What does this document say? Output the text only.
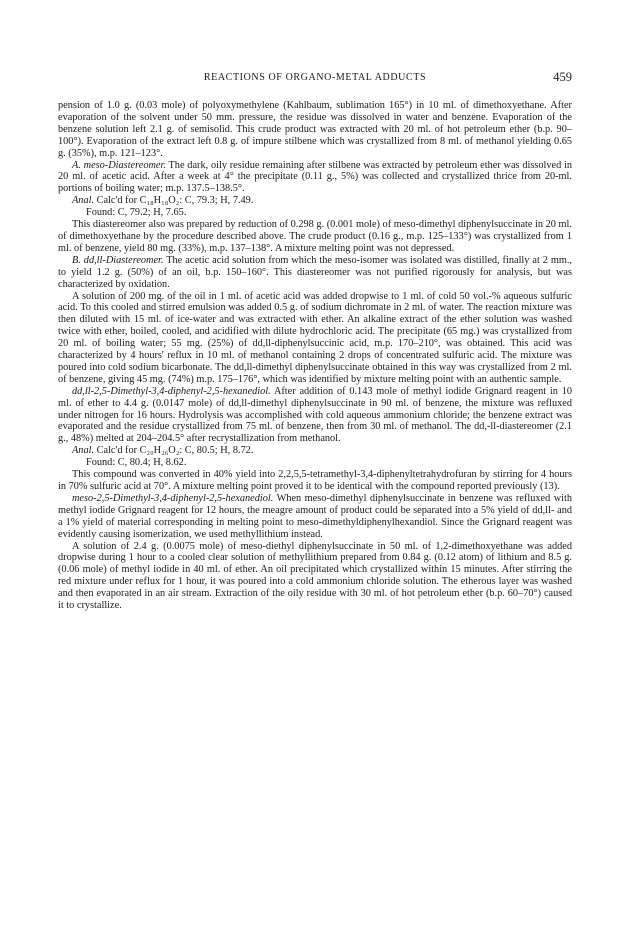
REACTIONS OF ORGANO-METAL ADDUCTS	459

pension of 1.0 g. (0.03 mole) of polyoxymethylene (Kahlbaum, sublimation 165°) in 10 ml. of dimethoxyethane. After evaporation of the solvent under 50 mm. pressure, the residue was dissolved in water and benzene. Evaporation of the benzene solution left 2.1 g. of semisolid. This crude product was extracted with 20 ml. of hot petroleum ether (b.p. 90–100°). Evaporation of the extract left 0.8 g. of impure stilbene which was crystallized from 8 ml. of methanol yielding 0.65 g. (35%), m.p. 121–123°.

A. meso-Diastereomer. The dark, oily residue remaining after stilbene was extracted by petroleum ether was dissolved in 20 ml. of acetic acid. After a week at 4° the precipitate (0.11 g., 5%) was collected and crystallized thrice from 20-ml. portions of boiling water; m.p. 137.5–138.5°.

Anal. Calc'd for C₁₈H₁₈O₂: C, 79.3; H, 7.49.

Found: C, 79.2; H, 7.65.

This diastereomer also was prepared by reduction of 0.298 g. (0.001 mole) of meso-dimethyl diphenylsuccinate in 20 ml. of dimethoxyethane by the procedure described above. The crude product (0.16 g., m.p. 125–133°) was crystallized from 1 ml. of benzene, yield 80 mg. (33%), m.p. 137–138°. A mixture melting point was not depressed.

B. dd,ll-Diastereomer. The acetic acid solution from which the meso-isomer was isolated was distilled, finally at 2 mm., to yield 1.2 g. (50%) of an oil, b.p. 150–160°. This diastereomer was not purified rigorously for analysis, but was characterized by oxidation.

A solution of 200 mg. of the oil in 1 ml. of acetic acid was added dropwise to 1 ml. of cold 50 vol.-% aqueous sulfuric acid. To this cooled and stirred emulsion was added 0.5 g. of sodium dichromate in 2 ml. of water. The reaction mixture was then diluted with 15 ml. of ice-water and was extracted with ether. An alkaline extract of the ether solution was washed twice with ether, boiled, cooled, and acidified with dilute hydrochloric acid. The precipitate (65 mg.) was crystallized from 20 ml. of boiling water; 55 mg. (25%) of dd,ll-diphenylsuccinic acid, m.p. 170–210°, was obtained. This acid was characterized by 4 hours' reflux in 10 ml. of methanol containing 2 drops of concentrated sulfuric acid. The mixture was poured into cold sodium bicarbonate. The dd,ll-dimethyl diphenylsuccinate obtained in this way was crystallized from 2 ml. of benzene, giving 45 mg. (74%) m.p. 175–176°, which was identified by mixture melting point with an authentic sample.

dd,ll-2,5-Dimethyl-3,4-diphenyl-2,5-hexanediol. After addition of 0.143 mole of methyl iodide Grignard reagent in 10 ml. of ether to 4.4 g. (0.0147 mole) of dd,ll-dimethyl diphenylsuccinate in 90 ml. of benzene, the mixture was refluxed under nitrogen for 16 hours. Hydrolysis was accomplished with cold aqueous ammonium chloride; the benzene extract was evaporated and the residue crystallized from 75 ml. of benzene, then from 30 ml. of methanol. The dd,-ll-diastereomer (2.1 g., 48%) melted at 204–204.5° after recrystallization from methanol.

Anal. Calc'd for C₂₀H₂₆O₂: C, 80.5; H, 8.72.

Found: C, 80.4; H, 8.62.

This compound was converted in 40% yield into 2,2,5,5-tetramethyl-3,4-diphenyltetrahydrofuran by stirring for 4 hours in 70% sulfuric acid at 70°. A mixture melting point proved it to be identical with the compound reported previously (13).

meso-2,5-Dimethyl-3,4-diphenyl-2,5-hexanediol. When meso-dimethyl diphenylsuccinate in benzene was refluxed with methyl iodide Grignard reagent for 12 hours, the meagre amount of product could be separated into a 5% yield of dd,ll- and a 1% yield of material corresponding in melting point to meso-dimethyldiphenylhexandiol. Since the Grignard reagent was evidently causing isomerization, we used methyllithium instead.

A solution of 2.4 g. (0.0075 mole) of meso-diethyl diphenylsuccinate in 50 ml. of 1,2-dimethoxyethane was added dropwise during 1 hour to a cooled clear solution of methyllithium prepared from 0.84 g. (0.12 atom) of lithium and 8.5 g. (0.06 mole) of methyl iodide in 40 ml. of ether. An oil precipitated which crystallized within 15 minutes. After stirring the red mixture under reflux for 1 hour, it was poured into a cold ammonium chloride solution. The etherous layer was washed and then evaporated in an air stream. Extraction of the oily residue with 30 ml. of hot petroleum ether (b.p. 60–70°) caused it to crystallize.
